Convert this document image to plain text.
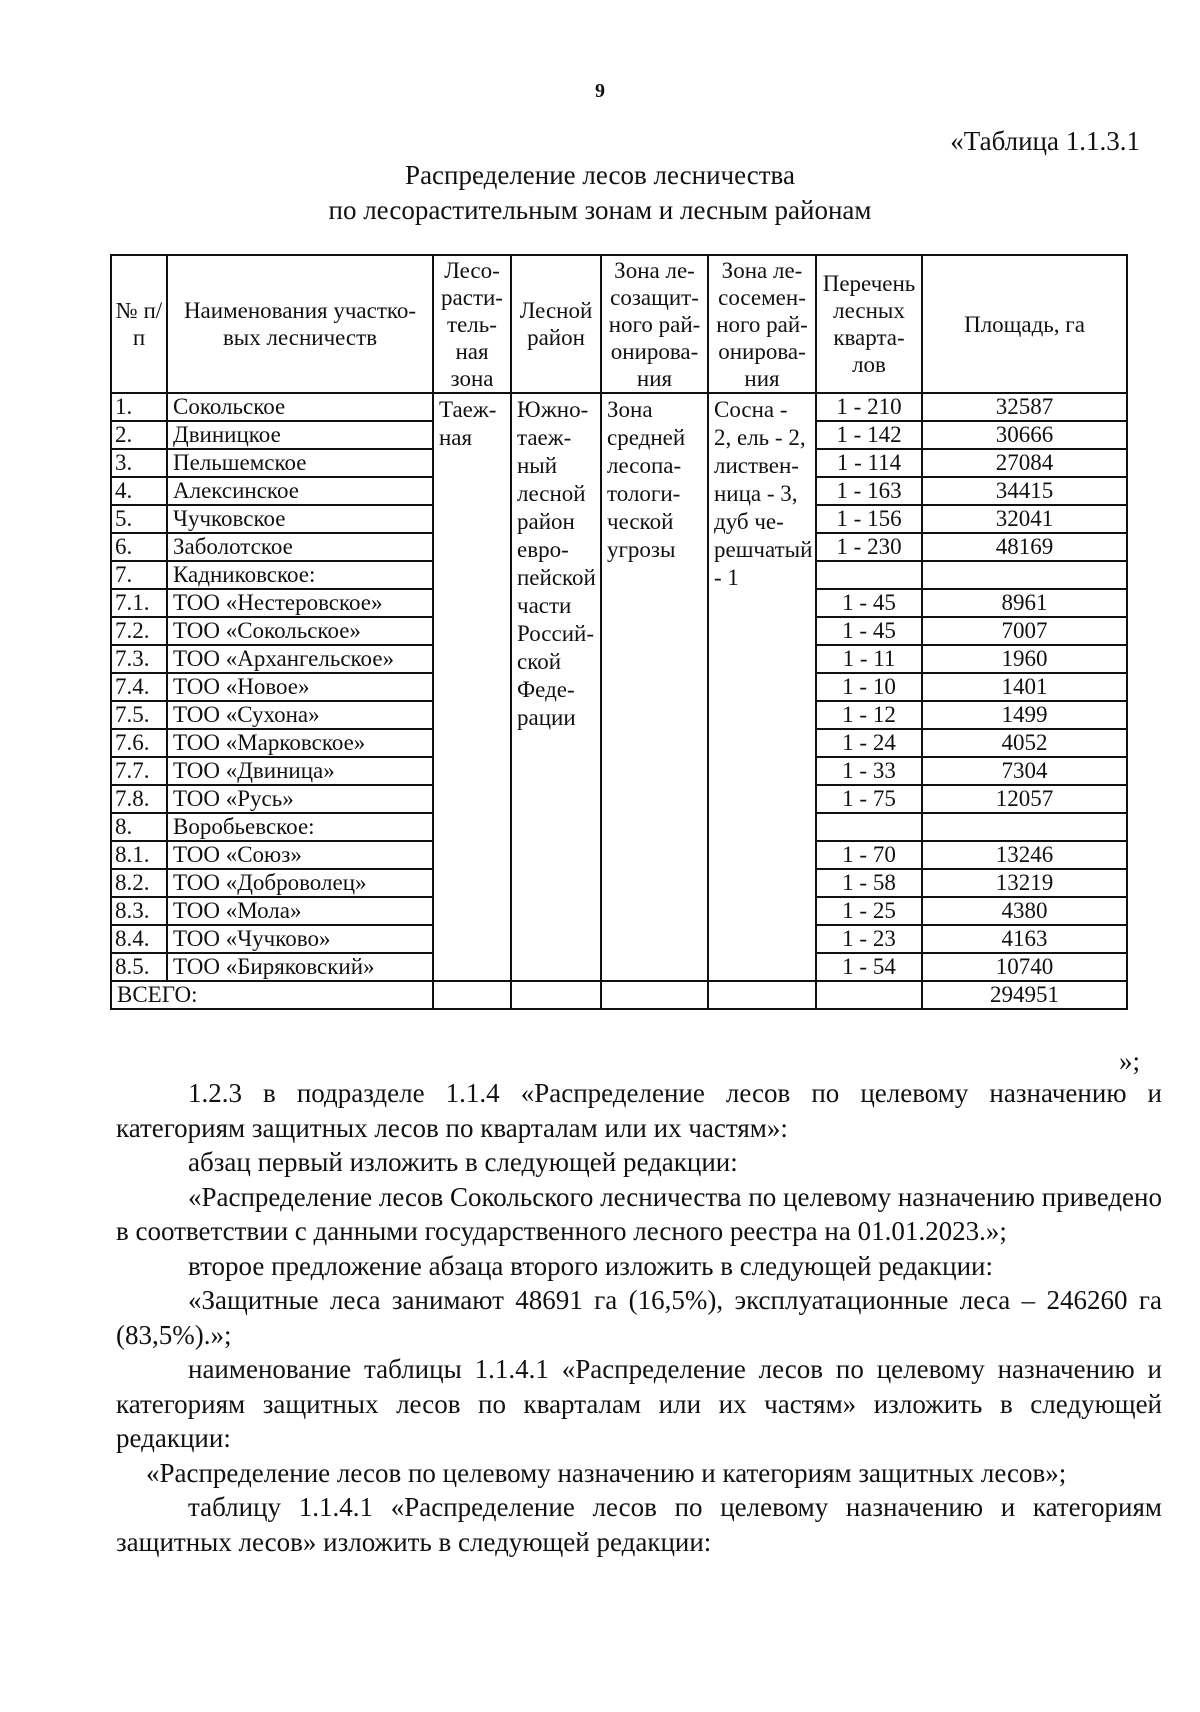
9
«Таблица 1.1.3.1
Распределение лесов лесничества
по лесорастительным зонам и лесным районам
№ п/п	Наименования участко-вых лесничеств	Лесо-расти-тель-ная зона	Лесной район	Зона ле-созащит-ного рай-онирова-ния	Зона ле-сосемен-ного рай-онирова-ния	Перечень лесных кварта-лов	Площадь, га
1.	Сокольское	Таеж-ная	Южно-таеж-ный лесной район евро-пейской части Россий-ской Феде-рации	Зона средней лесопа-тологи-ческой угрозы	Сосна - 2, ель - 2, листвен-ница - 3, дуб че-решчатый - 1	1 - 210	32587
2.	Двиницкое					1 - 142	30666
3.	Пельшемское					1 - 114	27084
4.	Алексинское					1 - 163	34415
5.	Чучковское					1 - 156	32041
6.	Заболотское					1 - 230	48169
7.	Кадниковское:						
7.1.	ТОО «Нестеровское»					1 - 45	8961
7.2.	ТОО «Сокольское»					1 - 45	7007
7.3.	ТОО «Архангельское»					1 - 11	1960
7.4.	ТОО «Новое»					1 - 10	1401
7.5.	ТОО «Сухона»					1 - 12	1499
7.6.	ТОО «Марковское»					1 - 24	4052
7.7.	ТОО «Двиница»					1 - 33	7304
7.8.	ТОО «Русь»					1 - 75	12057
8.	Воробьевское:						
8.1.	ТОО «Союз»					1 - 70	13246
8.2.	ТОО «Доброволец»					1 - 58	13219
8.3.	ТОО «Мола»					1 - 25	4380
8.4.	ТОО «Чучково»					1 - 23	4163
8.5.	ТОО «Биряковский»					1 - 54	10740
ВСЕГО:							294951
»;

1.2.3 в подразделе 1.1.4 «Распределение лесов по целевому назначению и категориям защитных лесов по кварталам или их частям»:

абзац первый изложить в следующей редакции:

«Распределение лесов Сокольского лесничества по целевому назначению приведено в соответствии с данными государственного лесного реестра на 01.01.2023.»;

второе предложение абзаца второго изложить в следующей редакции:

«Защитные леса занимают 48691 га (16,5%), эксплуатационные леса – 246260 га (83,5%).»;

наименование таблицы 1.1.4.1 «Распределение лесов по целевому назначению и категориям защитных лесов по кварталам или их частям» изложить в следующей редакции:

«Распределение лесов по целевому назначению и категориям защитных лесов»;

таблицу 1.1.4.1 «Распределение лесов по целевому назначению и категориям защитных лесов» изложить в следующей редакции:
